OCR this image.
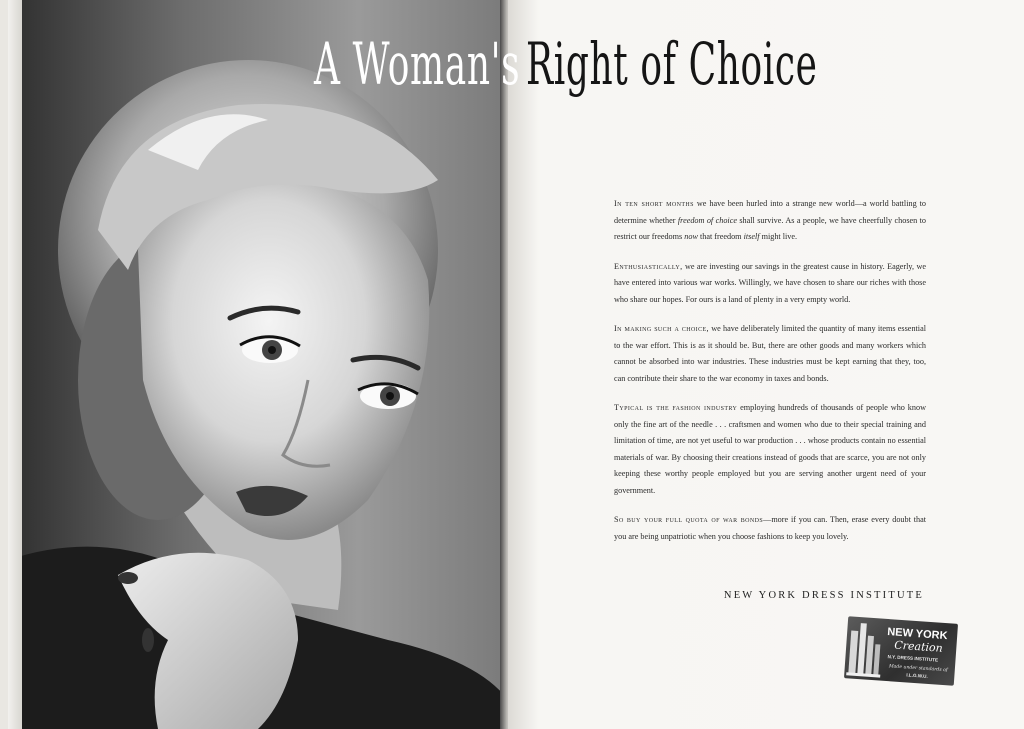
A Woman's Right of Choice

In ten short months we have been hurled into a strange new world—a world battling to determine whether freedom of choice shall survive. As a people, we have cheerfully chosen to restrict our freedoms now that freedom itself might live.

Enthusiastically, we are investing our savings in the greatest cause in history. Eagerly, we have entered into various war works. Willingly, we have chosen to share our riches with those who share our hopes. For ours is a land of plenty in a very empty world.

In making such a choice, we have deliberately limited the quantity of many items essential to the war effort. This is as it should be. But, there are other goods and many workers which cannot be absorbed into war industries. These industries must be kept earning that they, too, can contribute their share to the war economy in taxes and bonds.

Typical is the fashion industry employing hundreds of thousands of people who know only the fine art of the needle . . . craftsmen and women who due to their special training and limitation of time, are not yet useful to war production . . . whose products contain no essential materials of war. By choosing their creations instead of goods that are scarce, you are not only keeping these worthy people employed but you are serving another urgent need of your government.

So buy your full quota of war bonds—more if you can. Then, erase every doubt that you are being unpatriotic when you choose fashions to keep you lovely.

NEW YORK DRESS INSTITUTE
NEW YORK
Creation
N.Y. DRESS INSTITUTE
Made under standards of
I.L.G.W.U.
